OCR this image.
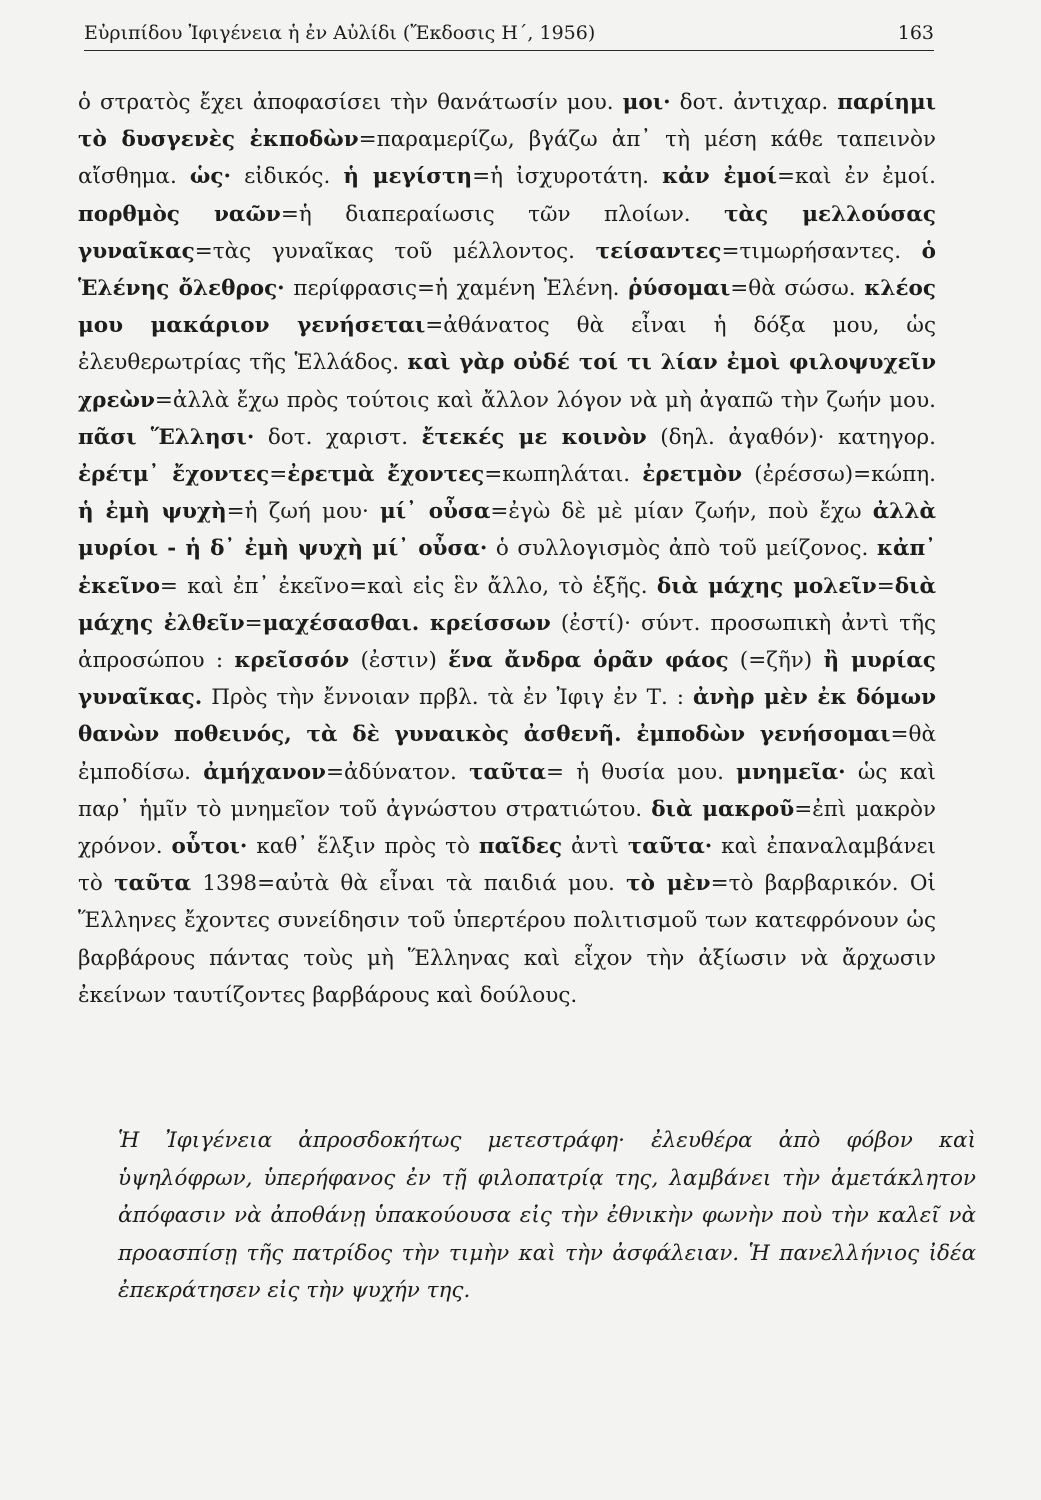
Εὐριπίδου Ἰφιγένεια ἡ ἐν Αὐλίδι (Ἔκδοσις Η΄, 1956)	163
ὁ στρατὸς ἔχει ἀποφασίσει τὴν θανάτωσίν μου. μοι· δοτ. ἀντιχαρ. παρίημι τὸ δυσγενὲς ἐκποδὼν=παραμερίζω, βγάζω ἀπ᾽ τὴ μέση κάθε ταπεινὸν αἴσθημα. ὡς· εἰδικός. ἡ μεγίστη=ἡ ἰσχυροτάτη. κἀν ἐμοί=καὶ ἐν ἐμοί. πορθμὸς ναῶν=ἡ διαπεραίωσις τῶν πλοίων. τὰς μελλούσας γυναῖκας=τὰς γυναῖκας τοῦ μέλλοντος. τείσαντες=τιμωρήσαντες. ὁ Ἑλένης ὄλεθρος· περίφρασις=ἡ χαμένη Ἑλένη. ῥύσομαι=θὰ σώσω. κλέος μου μακάριον γενήσεται=ἀθάνατος θὰ εἶναι ἡ δόξα μου, ὡς ἐλευθερωτρίας τῆς Ἑλλάδος. καὶ γὰρ οὐδέ τοί τι λίαν ἐμοὶ φιλοψυχεῖν χρεὼν=ἀλλὰ ἔχω πρὸς τούτοις καὶ ἄλλον λόγον νὰ μὴ ἀγαπῶ τὴν ζωήν μου. πᾶσι Ἕλλησι· δοτ. χαριστ. ἔτεκές με κοινὸν (δηλ. ἀγαθόν)· κατηγορ. ἐρέτμ᾽ ἔχοντες=ἐρετμὰ ἔχοντες=κωπηλάται. ἐρετμὸν (ἐρέσσω)=κώπη. ἡ ἐμὴ ψυχὴ=ἡ ζωή μου· μί᾽ οὖσα=ἐγὼ δὲ μὲ μίαν ζωήν, ποὺ ἔχω ἀλλὰ μυρίοι - ἡ δ᾽ ἐμὴ ψυχὴ μί᾽ οὖσα· ὁ συλλογισμὸς ἀπὸ τοῦ μείζονος. κἀπ᾽ ἐκεῖνο= καὶ ἐπ᾽ ἐκεῖνο=καὶ εἰς ἓν ἄλλο, τὸ ἑξῆς. διὰ μάχης μολεῖν=διὰ μάχης ἐλθεῖν=μαχέσασθαι. κρείσσων (ἐστί)· σύντ. προσωπικὴ ἀντὶ τῆς ἀπροσώπου : κρεῖσσόν (ἐστιν) ἕνα ἄνδρα ὁρᾶν φάος (=ζῆν) ἢ μυρίας γυναῖκας. Πρὸς τὴν ἔννοιαν πρβλ. τὰ ἐν Ἰφιγ ἐν Τ. : ἀνὴρ μὲν ἐκ δόμων θανὼν ποθεινός, τὰ δὲ γυναικὸς ἀσθενῆ. ἐμποδὼν γενήσομαι=θὰ ἐμποδίσω. ἀμήχανον=ἀδύνατον. ταῦτα= ἡ θυσία μου. μνημεῖα· ὡς καὶ παρ᾽ ἡμῖν τὸ μνημεῖον τοῦ ἀγνώστου στρατιώτου. διὰ μακροῦ=ἐπὶ μακρὸν χρόνον. οὗτοι· καθ᾽ ἕλξιν πρὸς τὸ παῖδες ἀντὶ ταῦτα· καὶ ἐπαναλαμβάνει τὸ ταῦτα 1398=αὐτὰ θὰ εἶναι τὰ παιδιά μου. τὸ μὲν=τὸ βαρβαρικόν. Οἱ Ἕλληνες ἔχοντες συνείδησιν τοῦ ὑπερτέρου πολιτισμοῦ των κατεφρόνουν ὡς βαρβάρους πάντας τοὺς μὴ Ἕλληνας καὶ εἶχον τὴν ἀξίωσιν νὰ ἄρχωσιν ἐκείνων ταυτίζοντες βαρβάρους καὶ δούλους.
Ἡ Ἰφιγένεια ἀπροσδοκήτως μετεστράφη· ἐλευθέρα ἀπὸ φόβον καὶ ὑψηλόφρων, ὑπερήφανος ἐν τῇ φιλοπατρίᾳ της, λαμβάνει τὴν ἀμετάκλητον ἀπόφασιν νὰ ἀποθάνῃ ὑπακούουσα εἰς τὴν ἐθνικὴν φωνὴν ποὺ τὴν καλεῖ νὰ προασπίσῃ τῆς πατρίδος τὴν τιμὴν καὶ τὴν ἀσφάλειαν. Ἡ πανελλήνιος ἰδέα ἐπεκράτησεν εἰς τὴν ψυχήν της.
